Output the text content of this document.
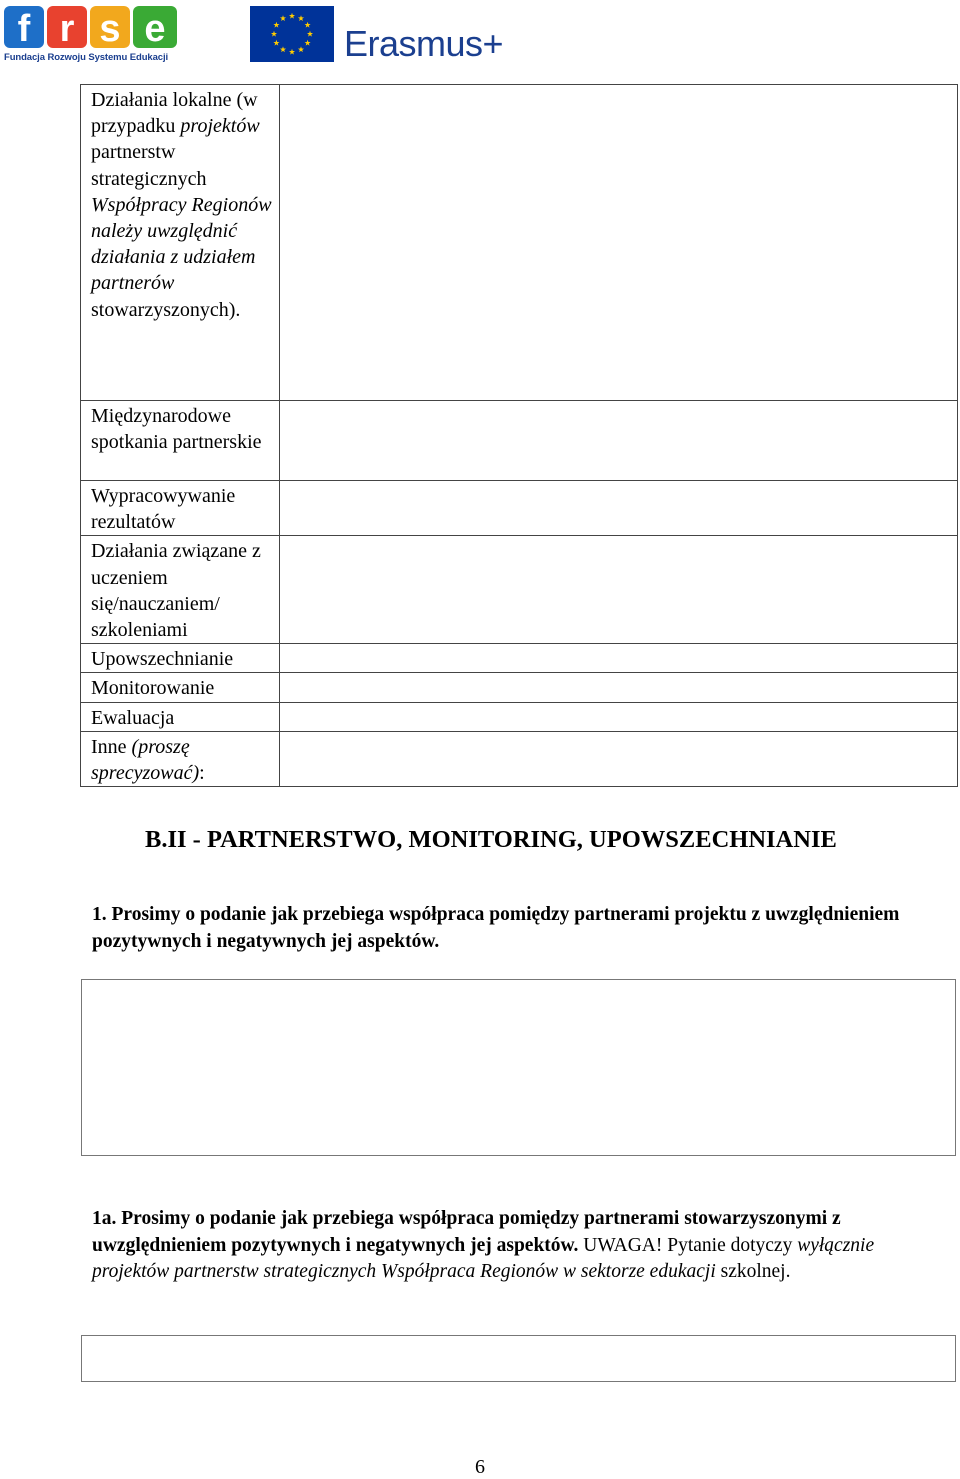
f r s e
Fundacja Rozwoju Systemu Edukacji	Erasmus+
Działania lokalne (w przypadku projektów partnerstw strategicznych Współpracy Regionów należy uwzględnić działania z udziałem partnerów stowarzyszonych).	
Międzynarodowe spotkania partnerskie	
Wypracowywanie rezultatów	
Działania związane z uczeniem się/nauczaniem/ szkoleniami	
Upowszechnianie	
Monitorowanie	
Ewaluacja	
Inne (proszę sprecyzować):	
B.II - PARTNERSTWO, MONITORING, UPOWSZECHNIANIE
1. Prosimy o podanie jak przebiega współpraca pomiędzy partnerami projektu z uwzględnieniem pozytywnych i negatywnych jej aspektów.
1a. Prosimy o podanie jak przebiega współpraca pomiędzy partnerami stowarzyszonymi z uwzględnieniem pozytywnych i negatywnych jej aspektów. UWAGA! Pytanie dotyczy wyłącznie projektów partnerstw strategicznych Współpraca Regionów w sektorze edukacji szkolnej.
6
